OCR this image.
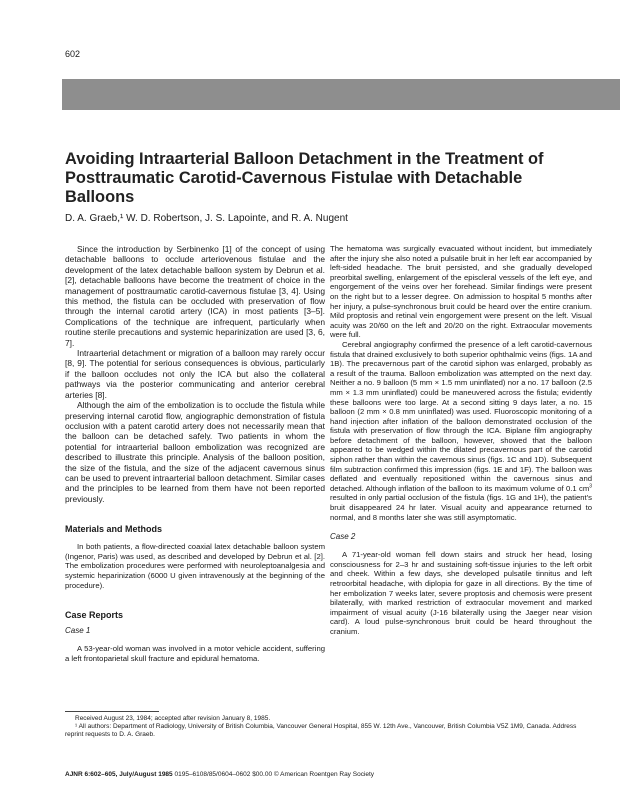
602
Avoiding Intraarterial Balloon Detachment in the Treatment of Posttraumatic Carotid-Cavernous Fistulae with Detachable Balloons

D. A. Graeb,¹ W. D. Robertson, J. S. Lapointe, and R. A. Nugent

Since the introduction by Serbinenko [1] of the concept of using detachable balloons to occlude arteriovenous fistulae and the development of the latex detachable balloon system by Debrun et al. [2], detachable balloons have become the treatment of choice in the management of posttraumatic carotid-cavernous fistulae [3, 4]. Using this method, the fistula can be occluded with preservation of flow through the internal carotid artery (ICA) in most patients [3–5]. Complications of the technique are infrequent, particularly when routine sterile precautions and systemic heparinization are used [3, 6, 7].

Intraarterial detachment or migration of a balloon may rarely occur [8, 9]. The potential for serious consequences is obvious, particularly if the balloon occludes not only the ICA but also the collateral pathways via the posterior communicating and anterior cerebral arteries [8].

Although the aim of the embolization is to occlude the fistula while preserving internal carotid flow, angiographic demonstration of fistula occlusion with a patent carotid artery does not necessarily mean that the balloon can be detached safely. Two patients in whom the potential for intraarterial balloon embolization was recognized are described to illustrate this principle. Analysis of the balloon position, the size of the fistula, and the size of the adjacent cavernous sinus can be used to prevent intraarterial balloon detachment. Similar cases and the principles to be learned from them have not been reported previously.

Materials and Methods

In both patients, a flow-directed coaxial latex detachable balloon system (Ingenor, Paris) was used, as described and developed by Debrun et al. [2]. The embolization procedures were performed with neuroleptoanalgesia and systemic heparinization (6000 U given intravenously at the beginning of the procedure).

Case Reports
Case 1

A 53-year-old woman was involved in a motor vehicle accident, suffering a left frontoparietal skull fracture and epidural hematoma.

The hematoma was surgically evacuated without incident, but immediately after the injury she also noted a pulsatile bruit in her left ear accompanied by left-sided headache. The bruit persisted, and she gradually developed preorbital swelling, enlargement of the episcleral vessels of the left eye, and engorgement of the veins over her forehead. Similar findings were present on the right but to a lesser degree. On admission to hospital 5 months after her injury, a pulse-synchronous bruit could be heard over the entire cranium. Mild proptosis and retinal vein engorgement were present on the left. Visual acuity was 20/60 on the left and 20/20 on the right. Extraocular movements were full.

Cerebral angiography confirmed the presence of a left carotid-cavernous fistula that drained exclusively to both superior ophthalmic veins (figs. 1A and 1B). The precavernous part of the carotid siphon was enlarged, probably as a result of the trauma. Balloon embolization was attempted on the next day. Neither a no. 9 balloon (5 mm × 1.5 mm uninflated) nor a no. 17 balloon (2.5 mm × 1.3 mm uninflated) could be maneuvered across the fistula; evidently these balloons were too large. At a second sitting 9 days later, a no. 15 balloon (2 mm × 0.8 mm uninflated) was used. Fluoroscopic monitoring of a hand injection after inflation of the balloon demonstrated occlusion of the fistula with preservation of flow through the ICA. Biplane film angiography before detachment of the balloon, however, showed that the balloon appeared to be wedged within the dilated precavernous part of the carotid siphon rather than within the cavernous sinus (figs. 1C and 1D). Subsequent film subtraction confirmed this impression (figs. 1E and 1F). The balloon was deflated and eventually repositioned within the cavernous sinus and detached. Although inflation of the balloon to its maximum volume of 0.1 $cm^3$ resulted in only partial occlusion of the fistula (figs. 1G and 1H), the patient's bruit disappeared 24 hr later. Visual acuity and appearance returned to normal, and 8 months later she was still asymptomatic.

Case 2

A 71-year-old woman fell down stairs and struck her head, losing consciousness for 2–3 hr and sustaining soft-tissue injuries to the left orbit and cheek. Within a few days, she developed pulsatile tinnitus and left retroorbital headache, with diplopia for gaze in all directions. By the time of her embolization 7 weeks later, severe proptosis and chemosis were present bilaterally, with marked restriction of extraocular movement and marked impairment of visual acuity (J-16 bilaterally using the Jaeger near vision card). A loud pulse-synchronous bruit could be heard throughout the cranium.

Received August 23, 1984; accepted after revision January 8, 1985.

¹ All authors: Department of Radiology, University of British Columbia, Vancouver General Hospital, 855 W. 12th Ave., Vancouver, British Columbia V5Z 1M9, Canada. Address reprint requests to D. A. Graeb.

AJNR 6:602–605, July/August 1985 0195–6108/85/0604–0602 $00.00 © American Roentgen Ray Society
